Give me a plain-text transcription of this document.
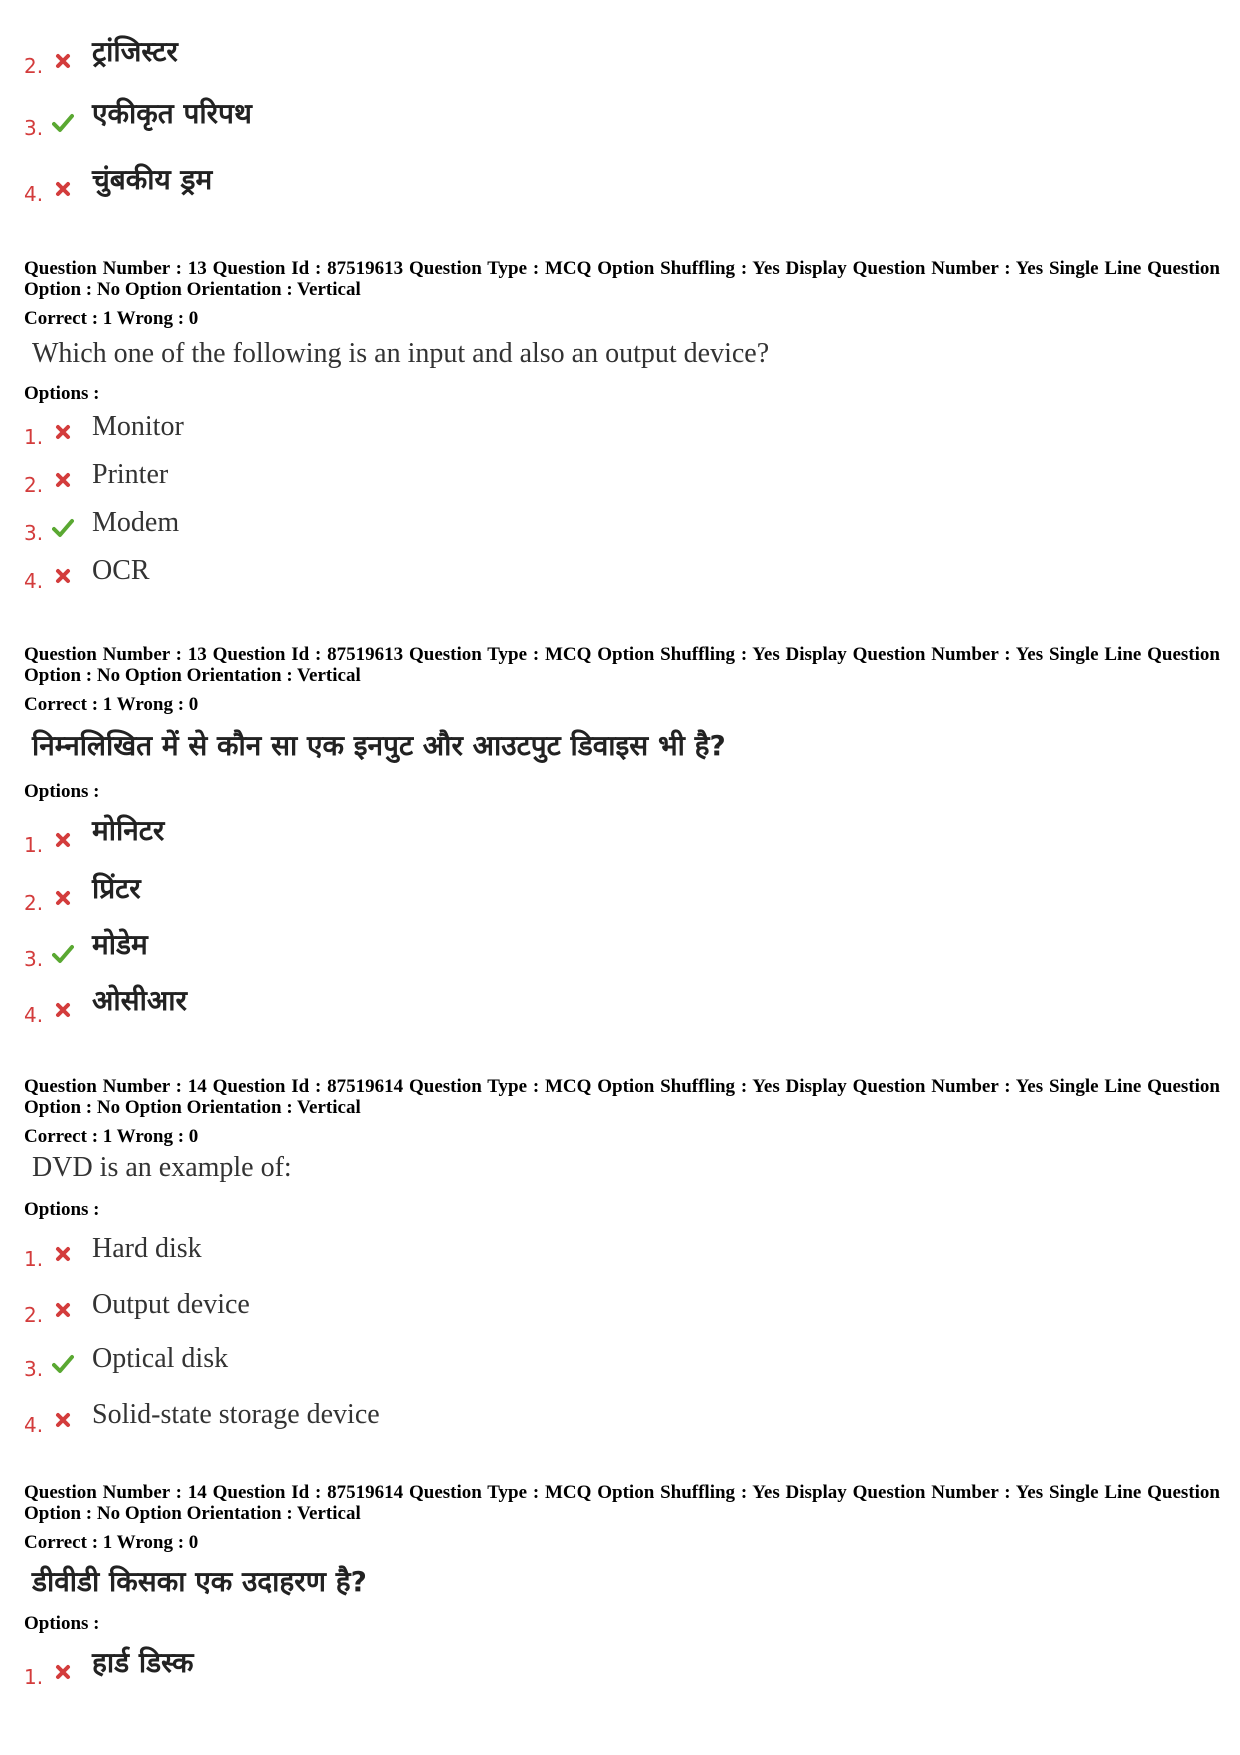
2. ट्रांजिस्टर
3. एकीकृत परिपथ
4. चुंबकीय ड्रम

Question Number : 13 Question Id : 87519613 Question Type : MCQ Option Shuffling : Yes Display Question Number : Yes Single Line Question Option : No Option Orientation : Vertical

Correct : 1 Wrong : 0
Which one of the following is an input and also an output device?
Options :
1. Monitor
2. Printer
3. Modem
4. OCR

Question Number : 13 Question Id : 87519613 Question Type : MCQ Option Shuffling : Yes Display Question Number : Yes Single Line Question Option : No Option Orientation : Vertical

Correct : 1 Wrong : 0
निम्नलिखित में से कौन सा एक इनपुट और आउटपुट डिवाइस भी है?
Options :
1. मोनिटर
2. प्रिंटर
3. मोडेम
4. ओसीआर

Question Number : 14 Question Id : 87519614 Question Type : MCQ Option Shuffling : Yes Display Question Number : Yes Single Line Question Option : No Option Orientation : Vertical

Correct : 1 Wrong : 0
DVD is an example of:
Options :
1. Hard disk
2. Output device
3. Optical disk
4. Solid-state storage device

Question Number : 14 Question Id : 87519614 Question Type : MCQ Option Shuffling : Yes Display Question Number : Yes Single Line Question Option : No Option Orientation : Vertical

Correct : 1 Wrong : 0
डीवीडी किसका एक उदाहरण है?
Options :
1. हार्ड डिस्क
